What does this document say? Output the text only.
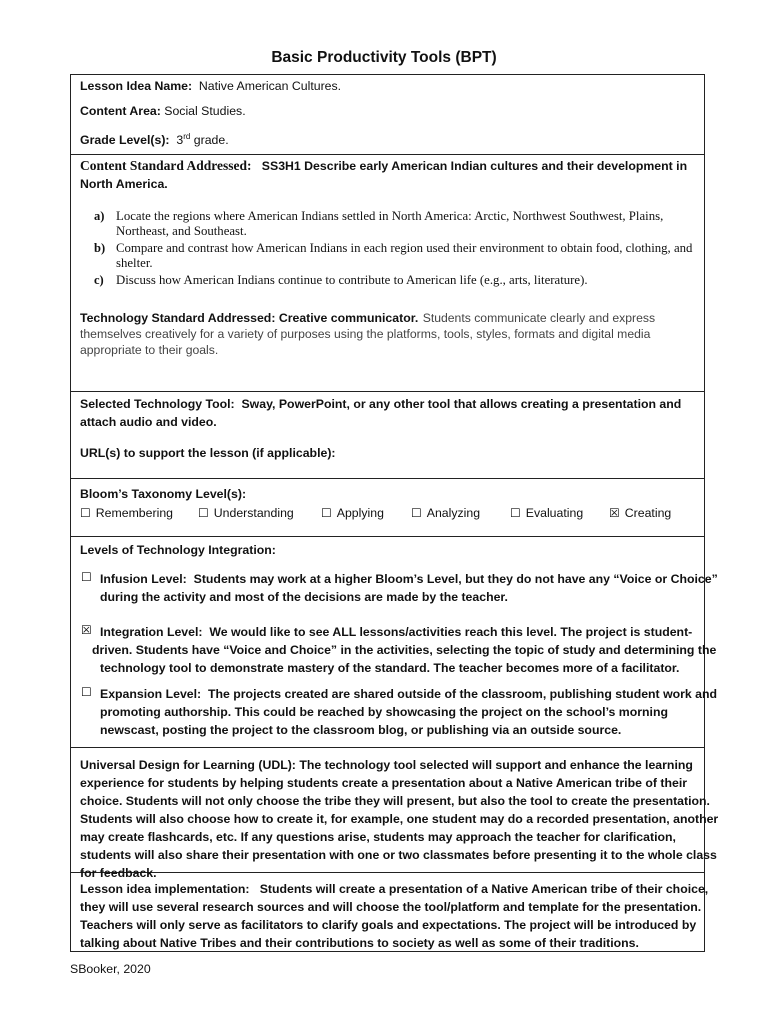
Basic Productivity Tools (BPT)
Lesson Idea Name: Native American Cultures.
Content Area: Social Studies.
Grade Level(s): 3rd grade.
Content Standard Addressed: SS3H1 Describe early American Indian cultures and their development in
North America.
a) Locate the regions where American Indians settled in North America: Arctic, Northwest Southwest, Plains, Northeast, and Southeast.
b) Compare and contrast how American Indians in each region used their environment to obtain food, clothing, and shelter.
c) Discuss how American Indians continue to contribute to American life (e.g., arts, literature).
Technology Standard Addressed: Creative communicator. Students communicate clearly and express
themselves creatively for a variety of purposes using the platforms, tools, styles, formats and digital media
appropriate to their goals.
Selected Technology Tool: Sway, PowerPoint, or any other tool that allows creating a presentation and
attach audio and video.
URL(s) to support the lesson (if applicable):
Bloom’s Taxonomy Level(s):
Levels of Technology Integration:
☐ Remembering ☐ Understanding ☐ Applying ☐ Analyzing ☐ Evaluating ☒ Creating
☐ Infusion Level: Students may work at a higher Bloom’s Level, but they do not have any “Voice or Choice”
during the activity and most of the decisions are made by the teacher.
☒ Integration Level: We would like to see ALL lessons/activities reach this level. The project is student-
driven. Students have “Voice and Choice” in the activities, selecting the topic of study and determining the
technology tool to demonstrate mastery of the standard. The teacher becomes more of a facilitator.
☐ Expansion Level: The projects created are shared outside of the classroom, publishing student work and
promoting authorship. This could be reached by showcasing the project on the school’s morning
newscast, posting the project to the classroom blog, or publishing via an outside source.
Universal Design for Learning (UDL): The technology tool selected will support and enhance the learning
experience for students by helping students create a presentation about a Native American tribe of their
choice. Students will not only choose the tribe they will present, but also the tool to create the presentation.
Students will also choose how to create it, for example, one student may do a recorded presentation, another
may create flashcards, etc. If any questions arise, students may approach the teacher for clarification,
students will also share their presentation with one or two classmates before presenting it to the whole class
for feedback.
Lesson idea implementation: Students will create a presentation of a Native American tribe of their choice,
they will use several research sources and will choose the tool/platform and template for the presentation.
Teachers will only serve as facilitators to clarify goals and expectations. The project will be introduced by
talking about Native Tribes and their contributions to society as well as some of their traditions.
SBooker, 2020
